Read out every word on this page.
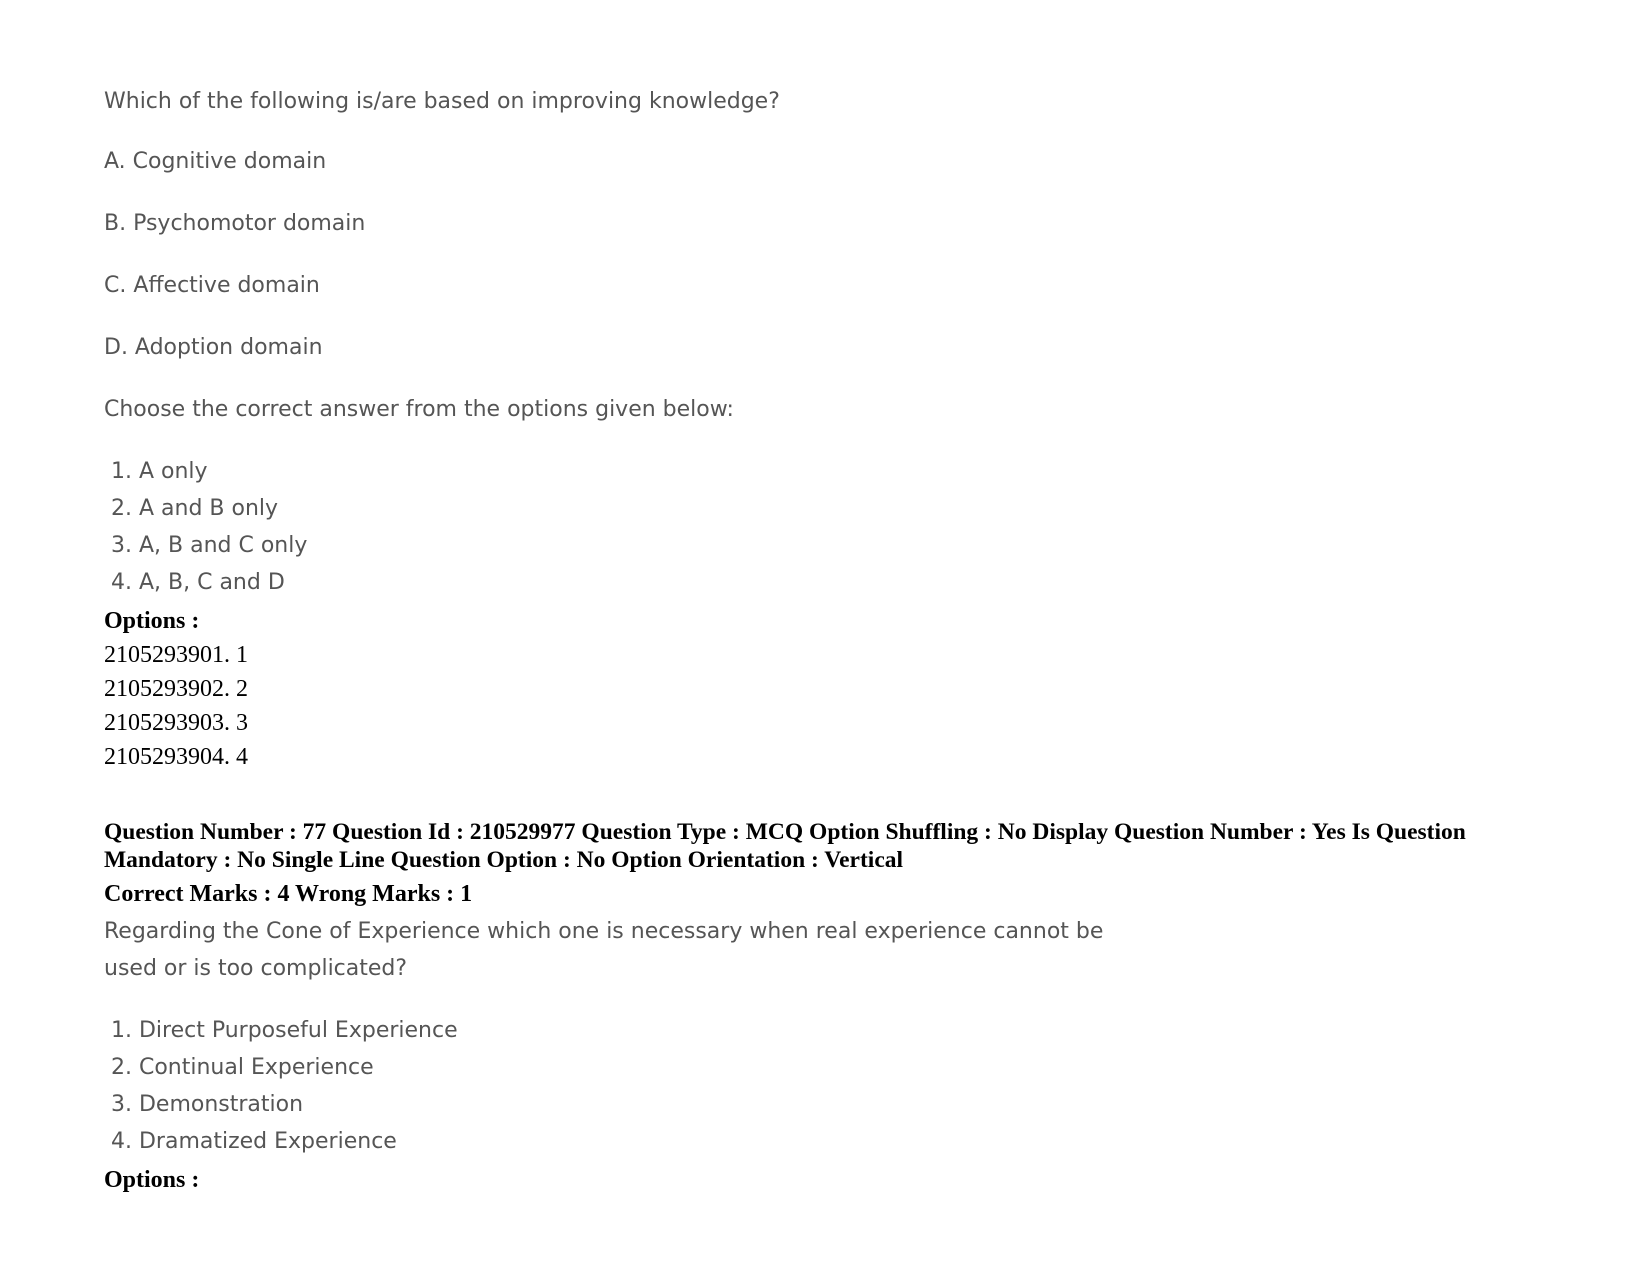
Which of the following is/are based on improving knowledge?

A. Cognitive domain

B. Psychomotor domain

C. Affective domain

D. Adoption domain

Choose the correct answer from the options given below:

1. A only

2. A and B only

3. A, B and C only

4. A, B, C and D

Options :

2105293901. 1

2105293902. 2

2105293903. 3

2105293904. 4

Question Number : 77 Question Id : 210529977 Question Type : MCQ Option Shuffling : No Display Question Number : Yes Is Question

Mandatory : No Single Line Question Option : No Option Orientation : Vertical

Correct Marks : 4 Wrong Marks : 1

Regarding the Cone of Experience which one is necessary when real experience cannot be

used or is too complicated?

1. Direct Purposeful Experience

2. Continual Experience

3. Demonstration

4. Dramatized Experience

Options :
